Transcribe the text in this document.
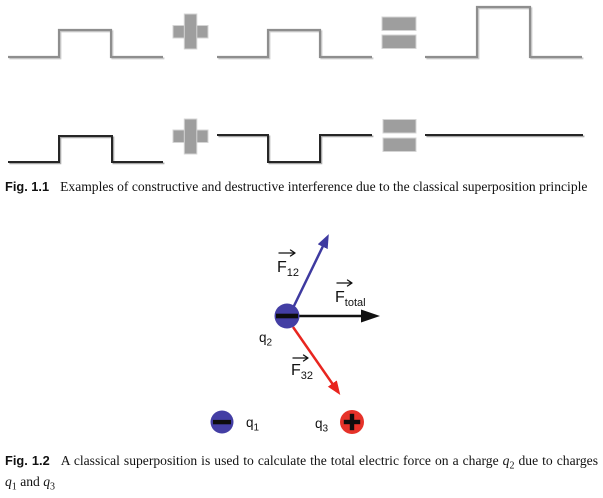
Fig. 1.1 Examples of constructive and destructive interference due to the classical superposition principle

$F_{12}$
$F_{total}$
$F_{32}$
$q_2$
$q_1$	$q_3$

Fig. 1.2 A classical superposition is used to calculate the total electric force on a charge $q_2$ due to charges $q_1$ and $q_3$
